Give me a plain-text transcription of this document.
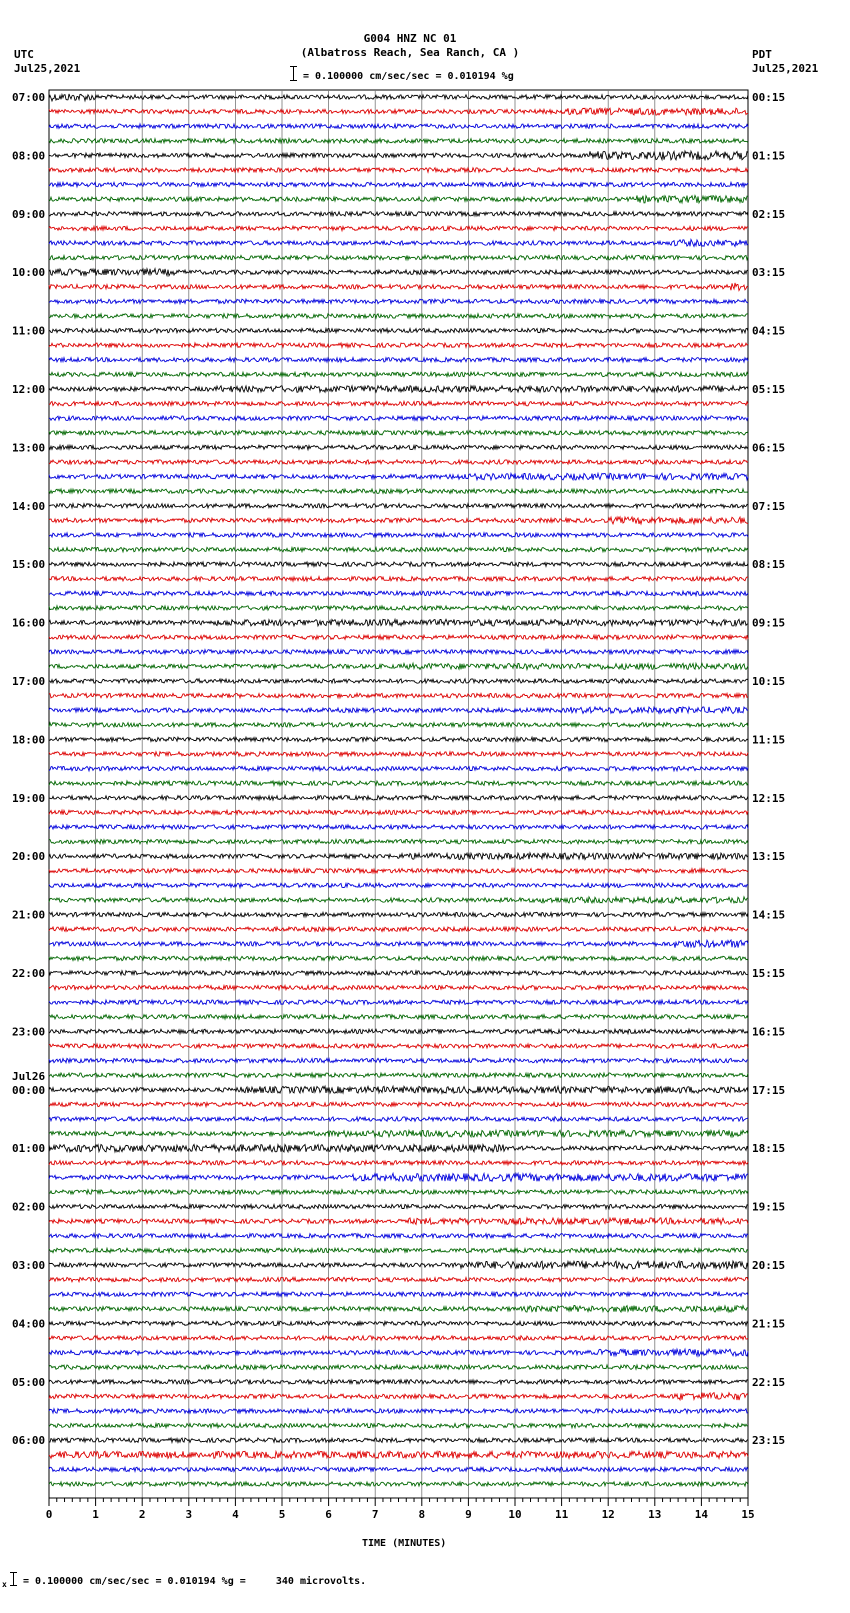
G004 HNZ NC 01
(Albatross Reach, Sea Ranch, CA )
= 0.100000 cm/sec/sec = 0.010194 %g
UTC
Jul25,2021
PDT
Jul25,2021
0	1	2	3	4	5	6	7	8	9	10	11	12	13	14	15
07:00	00:15
08:00	01:15
09:00	02:15
10:00	03:15
11:00	04:15
12:00	05:15
13:00	06:15
14:00	07:15
15:00	08:15
16:00	09:15
17:00	10:15
18:00	11:15
19:00	12:15
20:00	13:15
21:00	14:15
22:00	15:15
23:00	16:15
00:00	17:15
01:00	18:15
02:00	19:15
03:00	20:15
04:00	21:15
05:00	22:15
06:00	23:15
Jul26
TIME (MINUTES)
x = 0.100000 cm/sec/sec = 0.010194 %g =     340 microvolts.
